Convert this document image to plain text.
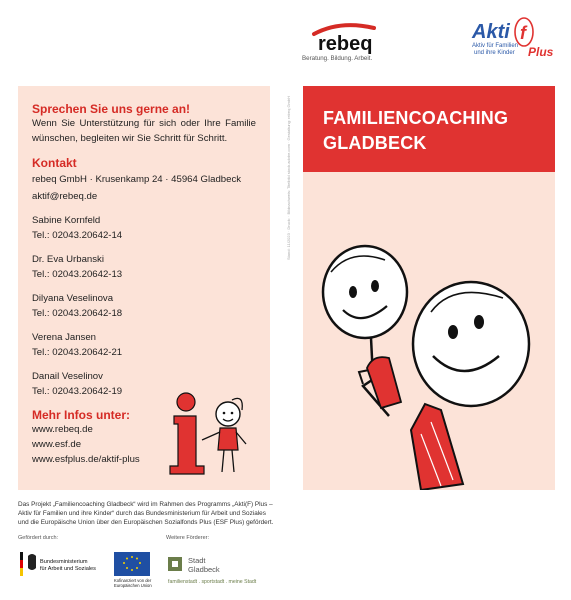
rebeq
Beratung. Bildung. Arbeit.
Akti f
Aktiv für Familien
und ihre Kinder Plus
Sprechen Sie uns gerne an!
Wenn Sie Unterstützung für sich oder Ihre Familie wünschen, begleiten wir Sie Schritt für Schritt.
Kontakt
rebeq GmbH · Krusenkamp 24 · 45964 Gladbeck
aktif@rebeq.de
Sabine Kornfeld
Tel.: 02043.20642-14
Dr. Eva Urbanski
Tel.: 02043.20642-13
Dilyana Veselinova
Tel.: 02043.20642-18
Verena Jansen
Tel.: 02043.20642-21
Danail Veselinov
Tel.: 02043.20642-19
Mehr Infos unter:
www.rebeq.de
www.esf.de
www.esfplus.de/aktif-plus
FAMILIENCOACHING
GLADBECK
Stand: 11/2023 · Druck: · Bildnachweis: Titelbild stock.adobe.com · Gestaltung: rebeq GmbH
Das Projekt „Familiencoaching Gladbeck“ wird im Rahmen des Programms „Akti(F) Plus – Aktiv für Familien und ihre Kinder“ durch das Bundesministerium für Arbeit und Soziales und die Europäische Union über den Europäischen Sozialfonds Plus (ESF Plus) gefördert.
Gefördert durch:	Weitere Förderer:
Bundesministerium
für Arbeit und Soziales
Kofinanziert von der
Europäischen Union
Stadt
Gladbeck
familienstadt . sportstadt . meine Stadt
